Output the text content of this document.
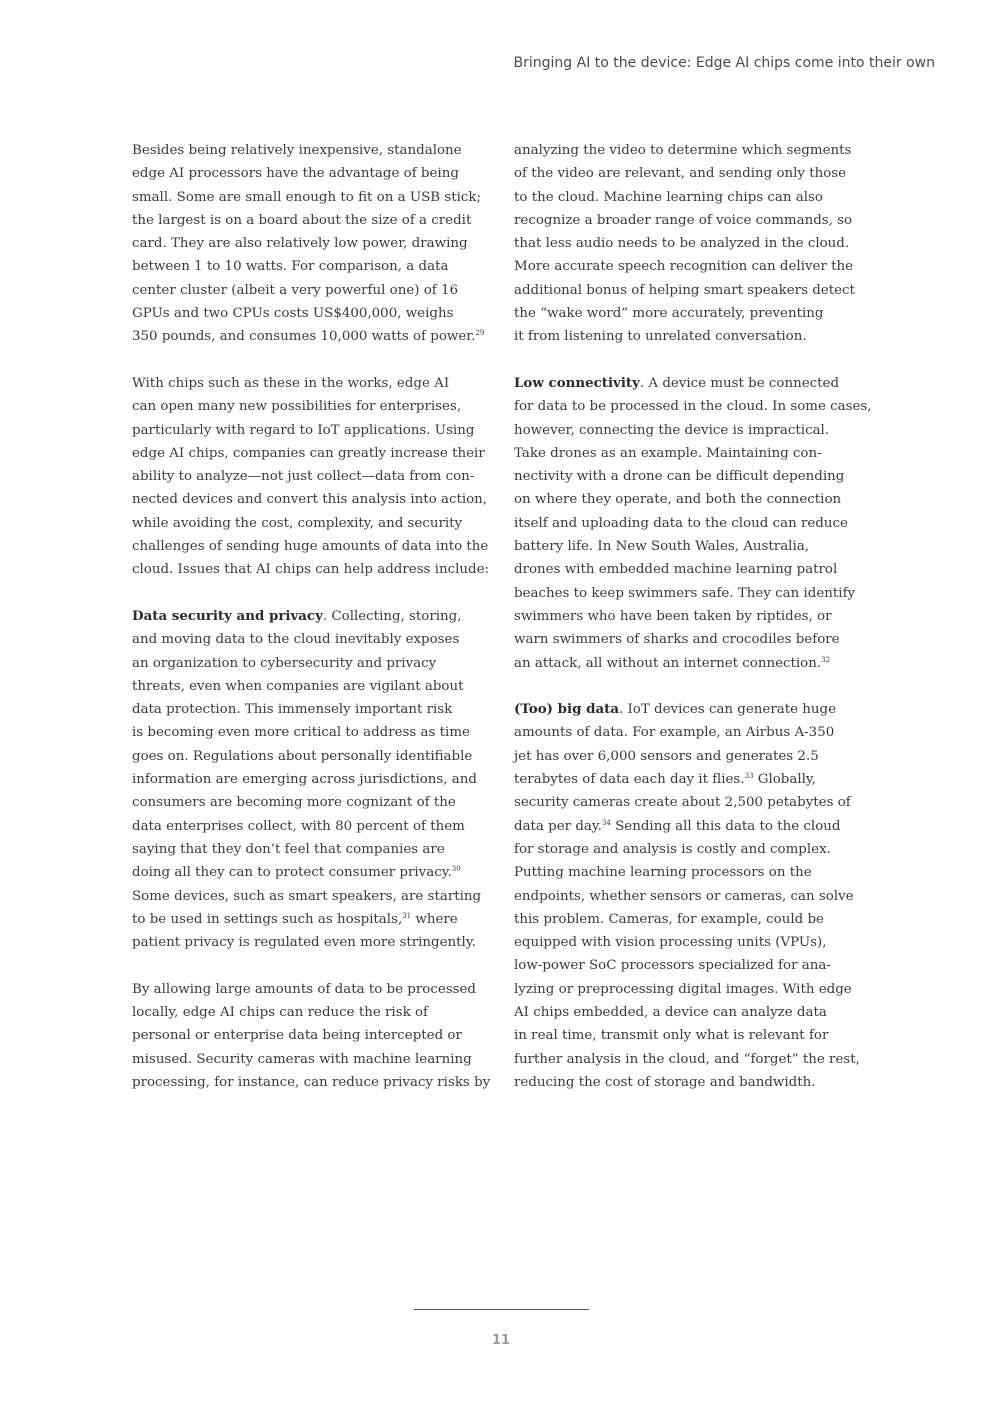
Bringing AI to the device: Edge AI chips come into their own
Besides being relatively inexpensive, standalone
edge AI processors have the advantage of being
small. Some are small enough to fit on a USB stick;
the largest is on a board about the size of a credit
card. They are also relatively low power, drawing
between 1 to 10 watts. For comparison, a data
center cluster (albeit a very powerful one) of 16
GPUs and two CPUs costs US$400,000, weighs
350 pounds, and consumes 10,000 watts of power.$^{29}$
With chips such as these in the works, edge AI
can open many new possibilities for enterprises,
particularly with regard to IoT applications. Using
edge AI chips, companies can greatly increase their
ability to analyze—not just collect—data from con-
nected devices and convert this analysis into action,
while avoiding the cost, complexity, and security
challenges of sending huge amounts of data into the
cloud. Issues that AI chips can help address include:
Data security and privacy. Collecting, storing,
and moving data to the cloud inevitably exposes
an organization to cybersecurity and privacy
threats, even when companies are vigilant about
data protection. This immensely important risk
is becoming even more critical to address as time
goes on. Regulations about personally identifiable
information are emerging across jurisdictions, and
consumers are becoming more cognizant of the
data enterprises collect, with 80 percent of them
saying that they don’t feel that companies are
doing all they can to protect consumer privacy.$^{30}$
Some devices, such as smart speakers, are starting
to be used in settings such as hospitals,$^{31}$ where
patient privacy is regulated even more stringently.
By allowing large amounts of data to be processed
locally, edge AI chips can reduce the risk of
personal or enterprise data being intercepted or
misused. Security cameras with machine learning
processing, for instance, can reduce privacy risks by
analyzing the video to determine which segments
of the video are relevant, and sending only those
to the cloud. Machine learning chips can also
recognize a broader range of voice commands, so
that less audio needs to be analyzed in the cloud.
More accurate speech recognition can deliver the
additional bonus of helping smart speakers detect
the “wake word” more accurately, preventing
it from listening to unrelated conversation.
Low connectivity. A device must be connected
for data to be processed in the cloud. In some cases,
however, connecting the device is impractical.
Take drones as an example. Maintaining con-
nectivity with a drone can be difficult depending
on where they operate, and both the connection
itself and uploading data to the cloud can reduce
battery life. In New South Wales, Australia,
drones with embedded machine learning patrol
beaches to keep swimmers safe. They can identify
swimmers who have been taken by riptides, or
warn swimmers of sharks and crocodiles before
an attack, all without an internet connection.$^{32}$
(Too) big data. IoT devices can generate huge
amounts of data. For example, an Airbus A-350
jet has over 6,000 sensors and generates 2.5
terabytes of data each day it flies.$^{33}$ Globally,
security cameras create about 2,500 petabytes of
data per day.$^{34}$ Sending all this data to the cloud
for storage and analysis is costly and complex.
Putting machine learning processors on the
endpoints, whether sensors or cameras, can solve
this problem. Cameras, for example, could be
equipped with vision processing units (VPUs),
low-power SoC processors specialized for ana-
lyzing or preprocessing digital images. With edge
AI chips embedded, a device can analyze data
in real time, transmit only what is relevant for
further analysis in the cloud, and “forget” the rest,
reducing the cost of storage and bandwidth.
11
